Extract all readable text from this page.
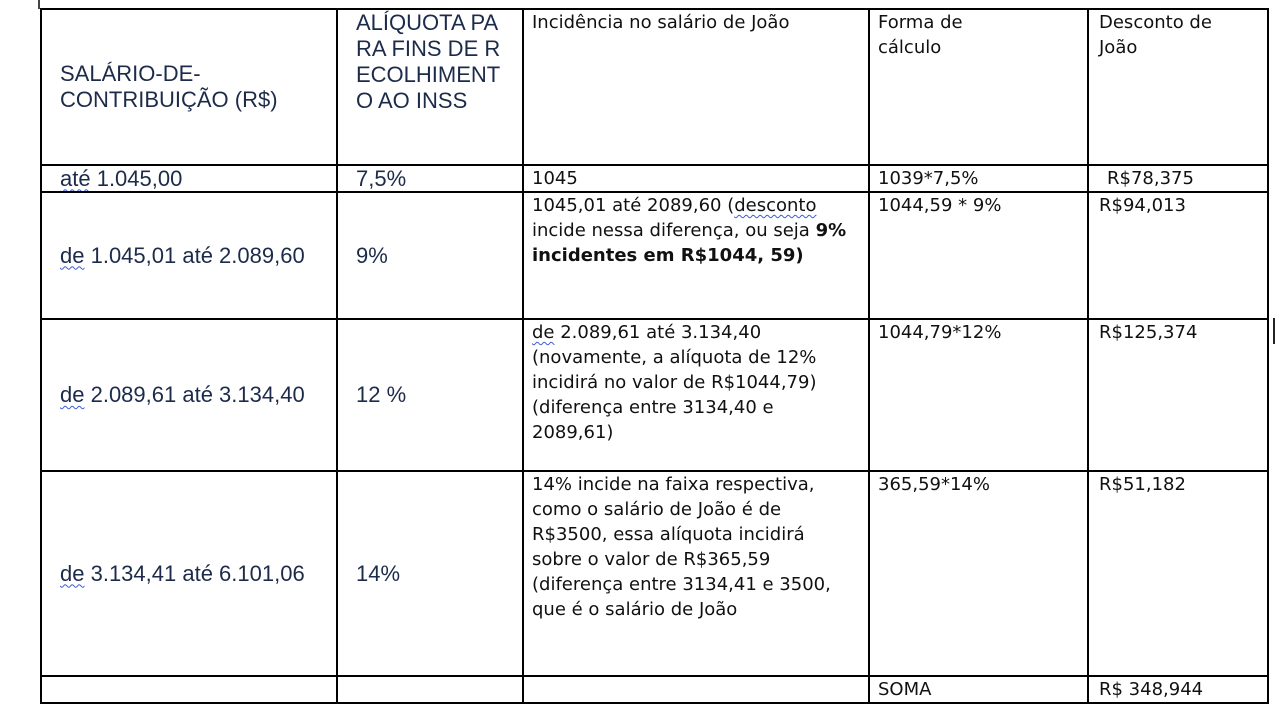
SALÁRIO-DE-CONTRIBUIÇÃO (R$)	ALÍQUOTA PARA FINS DE RECOLHIMENTO AO INSS	Incidência no salário de João	Forma de cálculo	Desconto de João

até 1.045,00	7,5%	1045	1039*7,5%	R$78,375

de 1.045,01 até 2.089,60	9%	1045,01 até 2089,60 (desconto incide nessa diferença, ou seja 9% incidentes em R$1044, 59)	1044,59 * 9%	R$94,013

de 2.089,61 até 3.134,40	12 %	de 2.089,61 até 3.134,40 (novamente, a alíquota de 12% incidirá no valor de R$1044,79) (diferença entre 3134,40 e 2089,61)	1044,79*12%	R$125,374

de 3.134,41 até 6.101,06	14%	14% incide na faixa respectiva, como o salário de João é de R$3500, essa alíquota incidirá sobre o valor de R$365,59 (diferença entre 3134,41 e 3500, que é o salário de João	365,59*14%	R$51,182

			SOMA	R$ 348,944
